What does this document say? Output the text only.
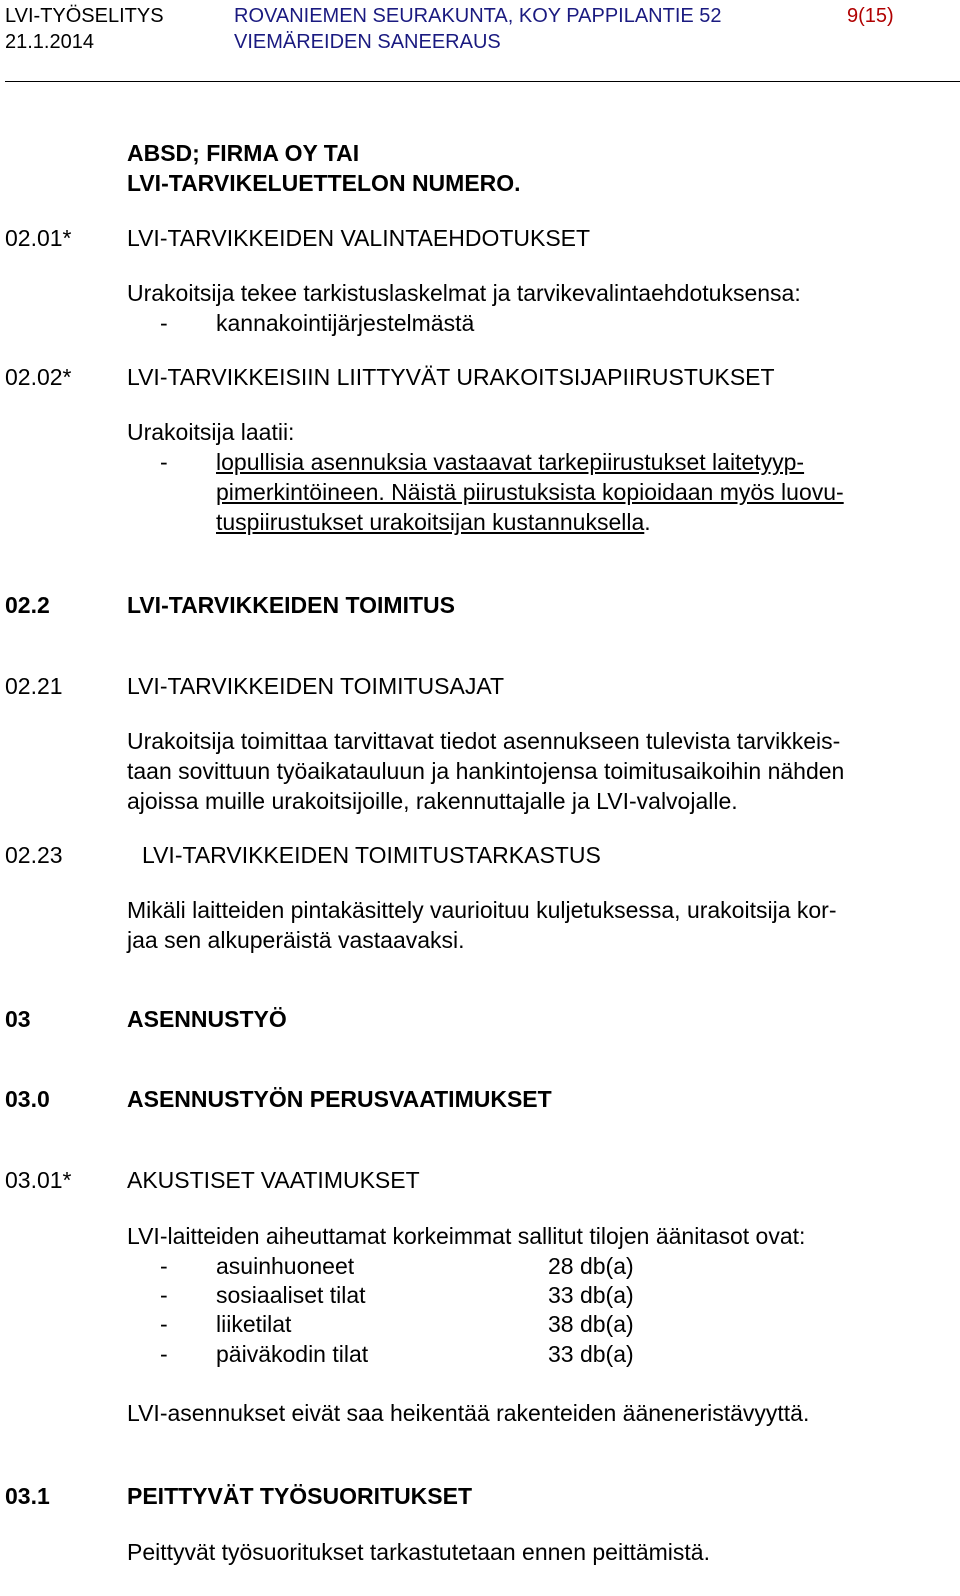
LVI-TYÖSELITYS
21.1.2014
ROVANIEMEN SEURAKUNTA, KOY PAPPILANTIE 52
VIEMÄREIDEN SANEERAUS
9(15)
ABSD; FIRMA OY TAI
LVI-TARVIKELUETTELON NUMERO.
02.01* LVI-TARVIKKEIDEN VALINTAEHDOTUKSET
Urakoitsija tekee tarkistuslaskelmat ja tarvikevalintaehdotuksensa:
- kannakointijärjestelmästä
02.02* LVI-TARVIKKEISIIN LIITTYVÄT URAKOITSIJAPIIRUSTUKSET
Urakoitsija laatii:
- lopullisia asennuksia vastaavat tarkepiirustukset laitetyyp-
pimerkintöineen. Näistä piirustuksista kopioidaan myös luovu-
tuspiirustukset urakoitsijan kustannuksella.
02.2	LVI-TARVIKKEIDEN TOIMITUS
02.21	LVI-TARVIKKEIDEN TOIMITUSAJAT
Urakoitsija toimittaa tarvittavat tiedot asennukseen tulevista tarvikkeis-
taan sovittuun työaikatauluun ja hankintojensa toimitusaikoihin nähden
ajoissa muille urakoitsijoille, rakennuttajalle ja LVI-valvojalle.
02.23	LVI-TARVIKKEIDEN TOIMITUSTARKASTUS
Mikäli laitteiden pintakäsittely vaurioituu kuljetuksessa, urakoitsija kor-
jaa sen alkuperäistä vastaavaksi.
03	ASENNUSTYÖ
03.0	ASENNUSTYÖN PERUSVAATIMUKSET
03.01* AKUSTISET VAATIMUKSET
LVI-laitteiden aiheuttamat korkeimmat sallitut tilojen äänitasot ovat:
- asuinhuoneet	28 db(a)
- sosiaaliset tilat	33 db(a)
- liiketilat	38 db(a)
- päiväkodin tilat	33 db(a)
LVI-asennukset eivät saa heikentää rakenteiden ääneneristävyyttä.
03.1	PEITTYVÄT TYÖSUORITUKSET
Peittyvät työsuoritukset tarkastutetaan ennen peittämistä.
